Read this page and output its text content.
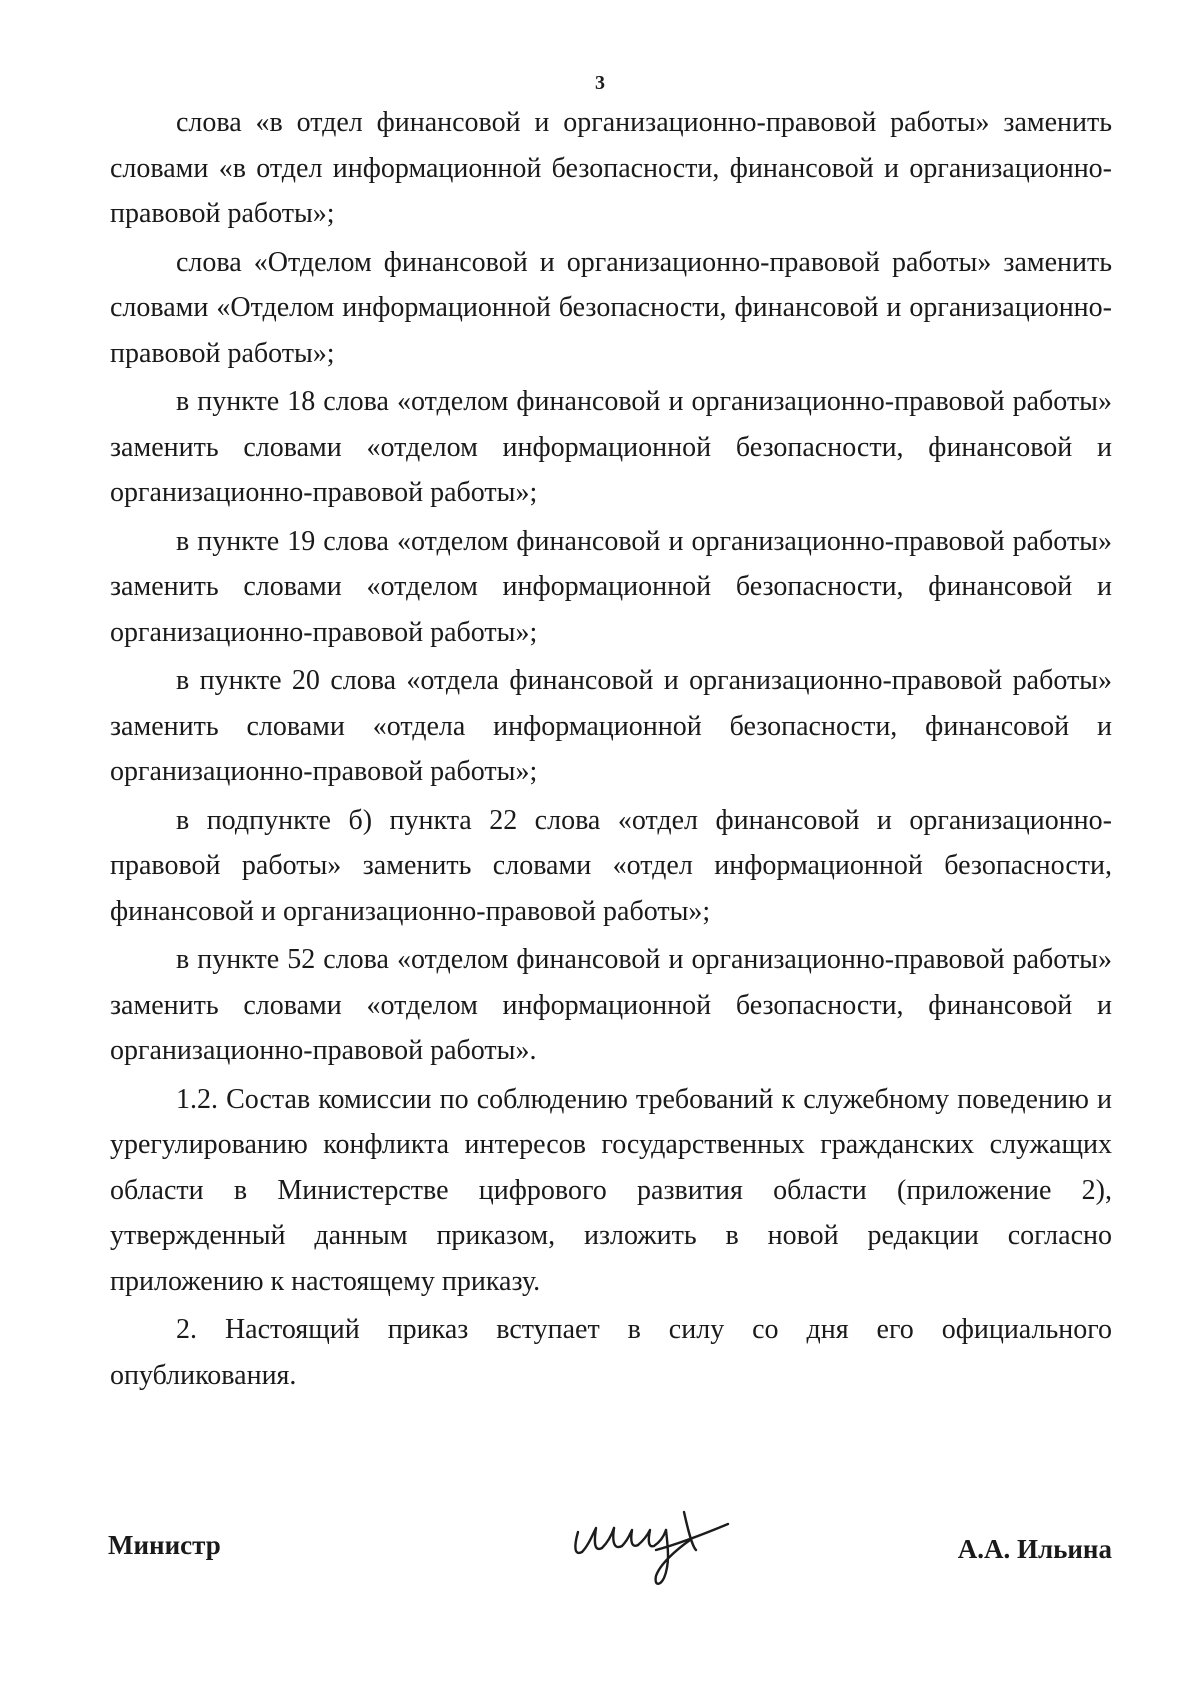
3

слова «в отдел финансовой и организационно-правовой работы» заменить словами «в отдел информационной безопасности, финансовой и организационно-правовой работы»;

слова «Отделом финансовой и организационно-правовой работы» заменить словами «Отделом информационной безопасности, финансовой и организационно-правовой работы»;

в пункте 18 слова «отделом финансовой и организационно-правовой работы» заменить словами «отделом информационной безопасности, финансовой и организационно-правовой работы»;

в пункте 19 слова «отделом финансовой и организационно-правовой работы» заменить словами «отделом информационной безопасности, финансовой и организационно-правовой работы»;

в пункте 20 слова «отдела финансовой и организационно-правовой работы» заменить словами «отдела информационной безопасности, финансовой и организационно-правовой работы»;

в подпункте б) пункта 22 слова «отдел финансовой и организационно-правовой работы» заменить словами «отдел информационной безопасности, финансовой и организационно-правовой работы»;

в пункте 52 слова «отделом финансовой и организационно-правовой работы» заменить словами «отделом информационной безопасности, финансовой и организационно-правовой работы».

1.2. Состав комиссии по соблюдению требований к служебному поведению и урегулированию конфликта интересов государственных гражданских служащих области в Министерстве цифрового развития области (приложение 2), утвержденный данным приказом, изложить в новой редакции согласно приложению к настоящему приказу.

2. Настоящий приказ вступает в силу со дня его официального опубликования.

Министр	А.А. Ильина
